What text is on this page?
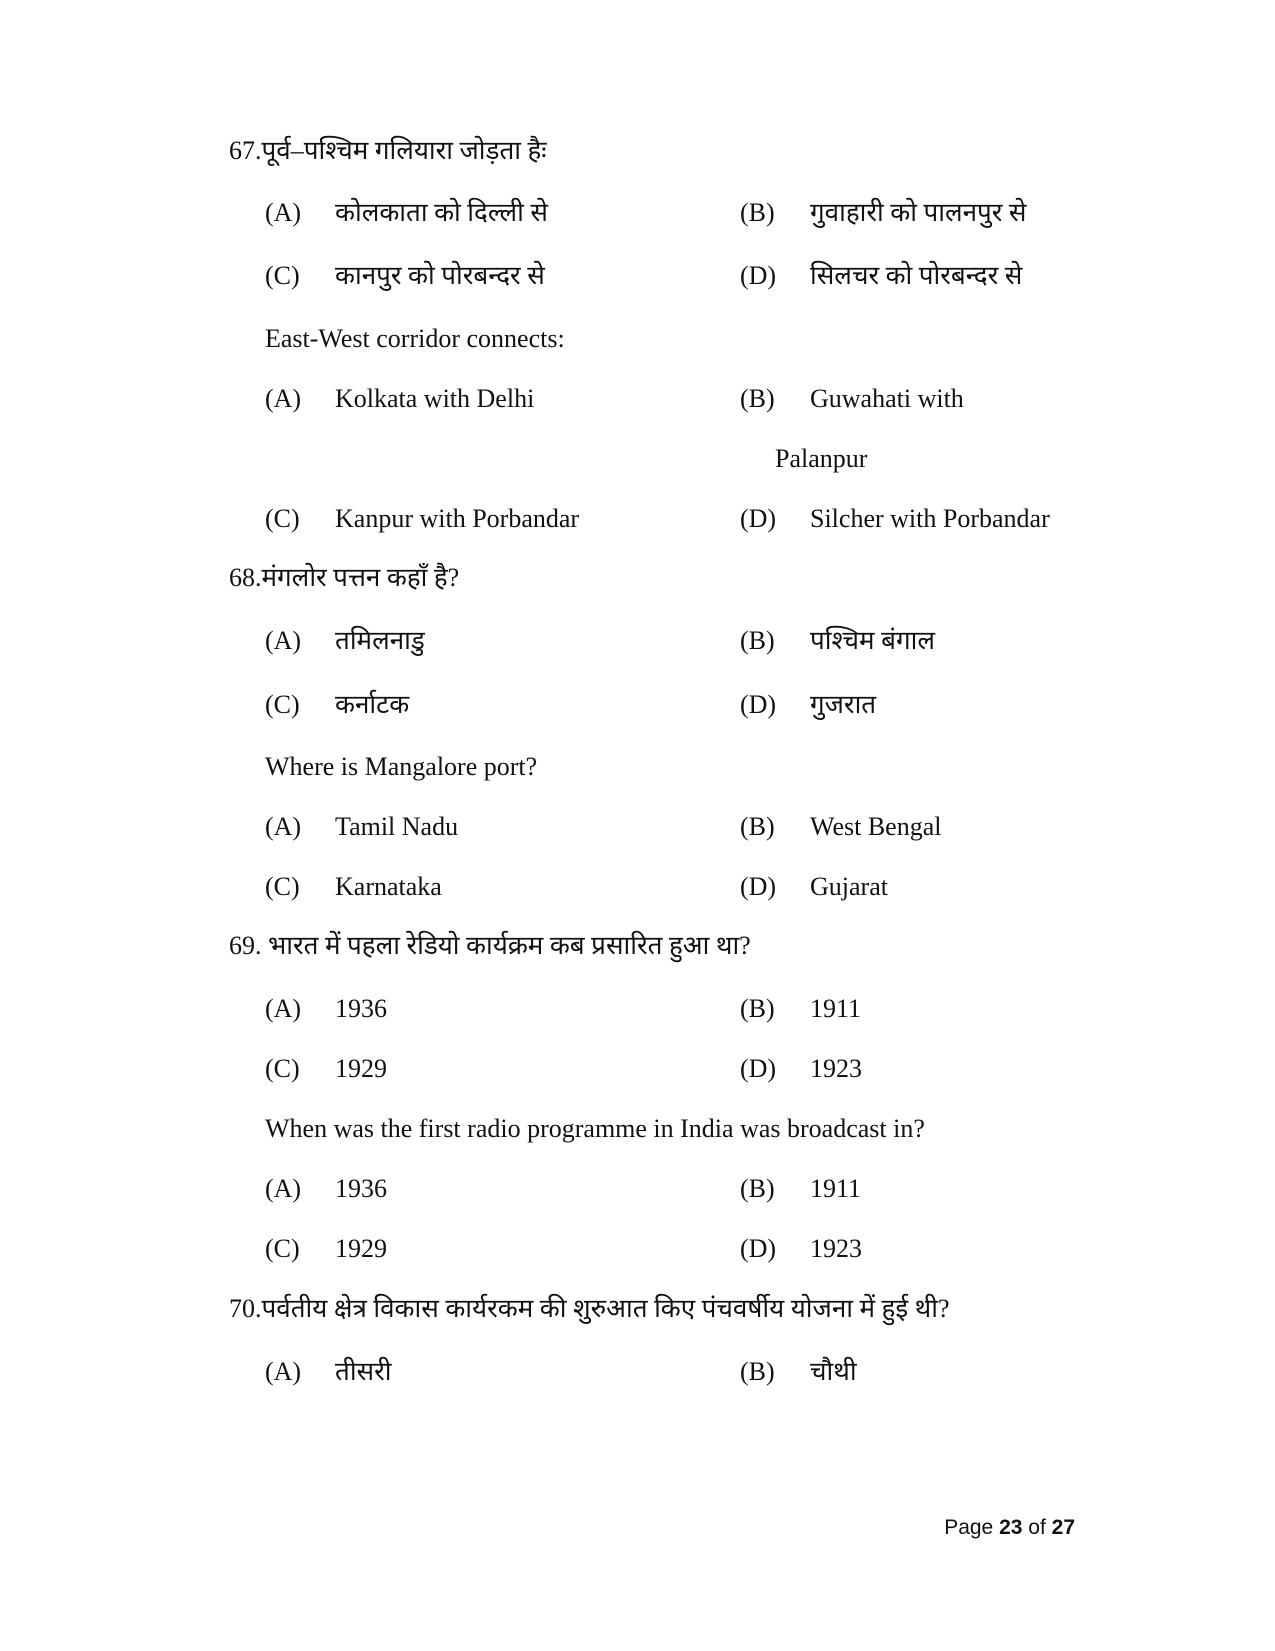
67.पूर्व–पश्चिम गलियारा जोड़ता हैः
(A) कोलकाता को दिल्ली से	(B) गुवाहारी को पालनपुर से
(C) कानपुर को पोरबन्दर से	(D) सिलचर को पोरबन्दर से
East-West corridor connects:
(A) Kolkata with Delhi	(B) Guwahati with
Palanpur
(C) Kanpur with Porbandar	(D) Silcher with Porbandar
68.मंगलोर पत्तन कहाँ है?
(A) तमिलनाडु	(B) पश्चिम बंगाल
(C) कर्नाटक	(D) गुजरात
Where is Mangalore port?
(A) Tamil Nadu	(B) West Bengal
(C) Karnataka	(D) Gujarat
69. भारत में पहला रेडियो कार्यक्रम कब प्रसारित हुआ था?
(A) 1936	(B) 1911
(C) 1929	(D) 1923
When was the first radio programme in India was broadcast in?
(A) 1936	(B) 1911
(C) 1929	(D) 1923
70.पर्वतीय क्षेत्र विकास कार्यरकम की शुरुआत किए पंचवर्षीय योजना में हुई थी?
(A) तीसरी	(B) चौथी
Page 23 of 27
